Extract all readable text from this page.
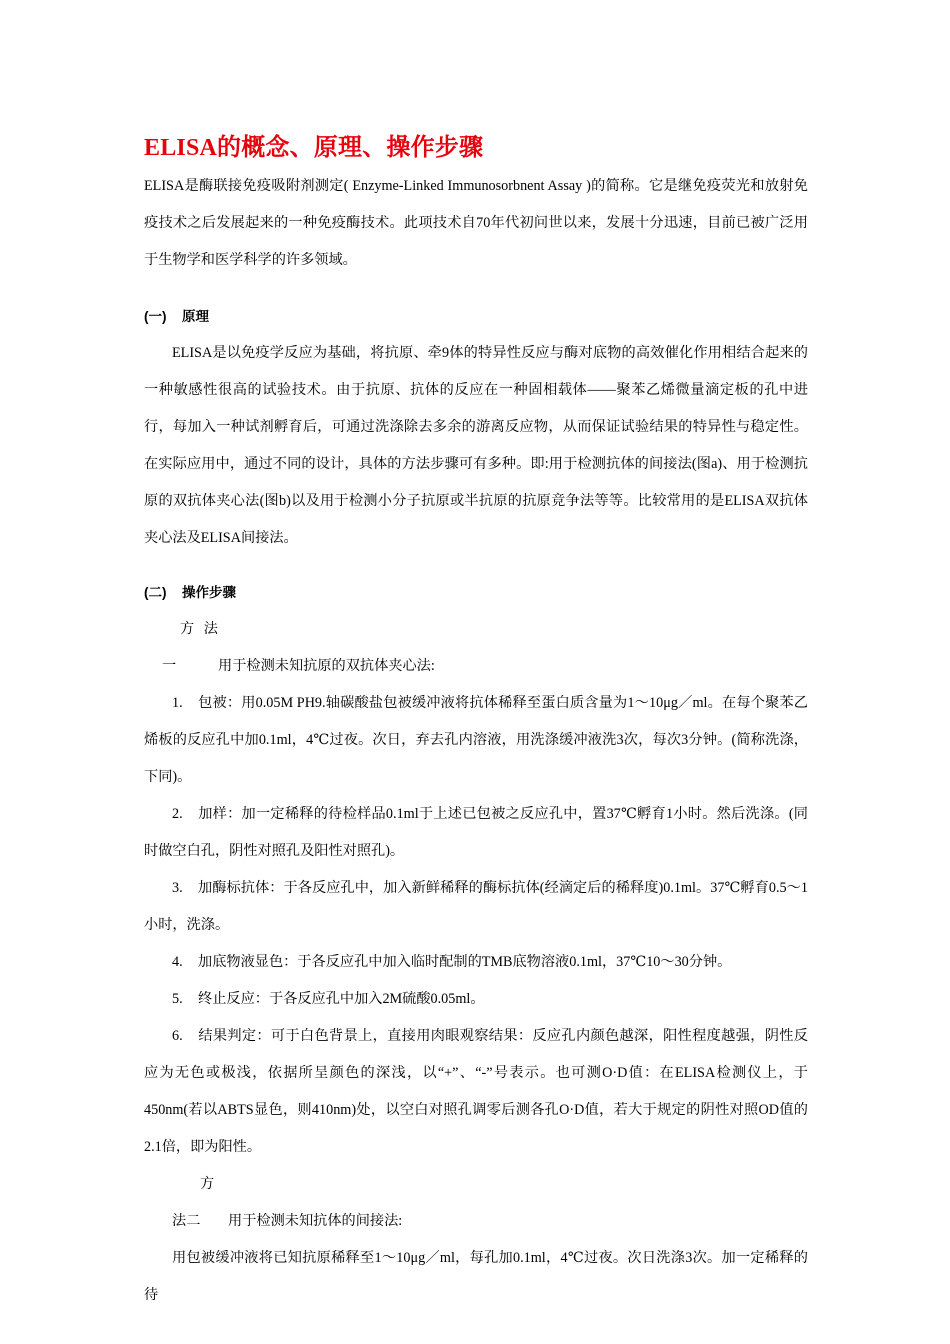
ELISA的概念、原理、操作步骤

ELISA是酶联接免疫吸附剂测定( Enzyme-Linked Immunosorbnent Assay )的简称。它是继免疫荧光和放射免疫技术之后发展起来的一种免疫酶技术。此项技术自70年代初问世以来，发展十分迅速，目前已被广泛用于生物学和医学科学的许多领域。

(一) 原理

ELISA是以免疫学反应为基础，将抗原、牵9体的特异性反应与酶对底物的高效催化作用相结合起来的一种敏感性很高的试验技术。由于抗原、抗体的反应在一种固相载体——聚苯乙烯微量滴定板的孔中进行，每加入一种试剂孵育后，可通过洗涤除去多余的游离反应物，从而保证试验结果的特异性与稳定性。在实际应用中，通过不同的设计，具体的方法步骤可有多种。即:用于检测抗体的间接法(图a)、用于检测抗原的双抗体夹心法(图b)以及用于检测小分子抗原或半抗原的抗原竞争法等等。比较常用的是ELISA双抗体夹心法及ELISA间接法。

(二) 操作步骤

方法一	用于检测未知抗原的双抗体夹心法:

1. 包被：用0.05M PH9.轴碳酸盐包被缓冲液将抗体稀释至蛋白质含量为1～10μg／ml。在每个聚苯乙烯板的反应孔中加0.1ml，4℃过夜。次日，弃去孔内溶液，用洗涤缓冲液洗3次，每次3分钟。(简称洗涤，下同)。

2. 加样：加一定稀释的待检样品0.1ml于上述已包被之反应孔中，置37℃孵育1小时。然后洗涤。(同时做空白孔，阴性对照孔及阳性对照孔)。

3. 加酶标抗体：于各反应孔中，加入新鲜稀释的酶标抗体(经滴定后的稀释度)0.1ml。37℃孵育0.5～1小时，洗涤。

4. 加底物液显色：于各反应孔中加入临时配制的TMB底物溶液0.1ml，37℃10～30分钟。

5. 终止反应：于各反应孔中加入2M硫酸0.05ml。

6. 结果判定：可于白色背景上，直接用肉眼观察结果：反应孔内颜色越深，阳性程度越强，阴性反应为无色或极浅，依据所呈颜色的深浅，以“+”、“-”号表示。也可测O·D值：在ELISA检测仪上，于450nm(若以ABTS显色，则410nm)处，以空白对照孔调零后测各孔O·D值，若大于规定的阴性对照OD值的2.1倍，即为阳性。

方法二 用于检测未知抗体的间接法:

用包被缓冲液将已知抗原稀释至1～10μg／ml，每孔加0.1ml，4℃过夜。次日洗涤3次。加一定稀释的待
